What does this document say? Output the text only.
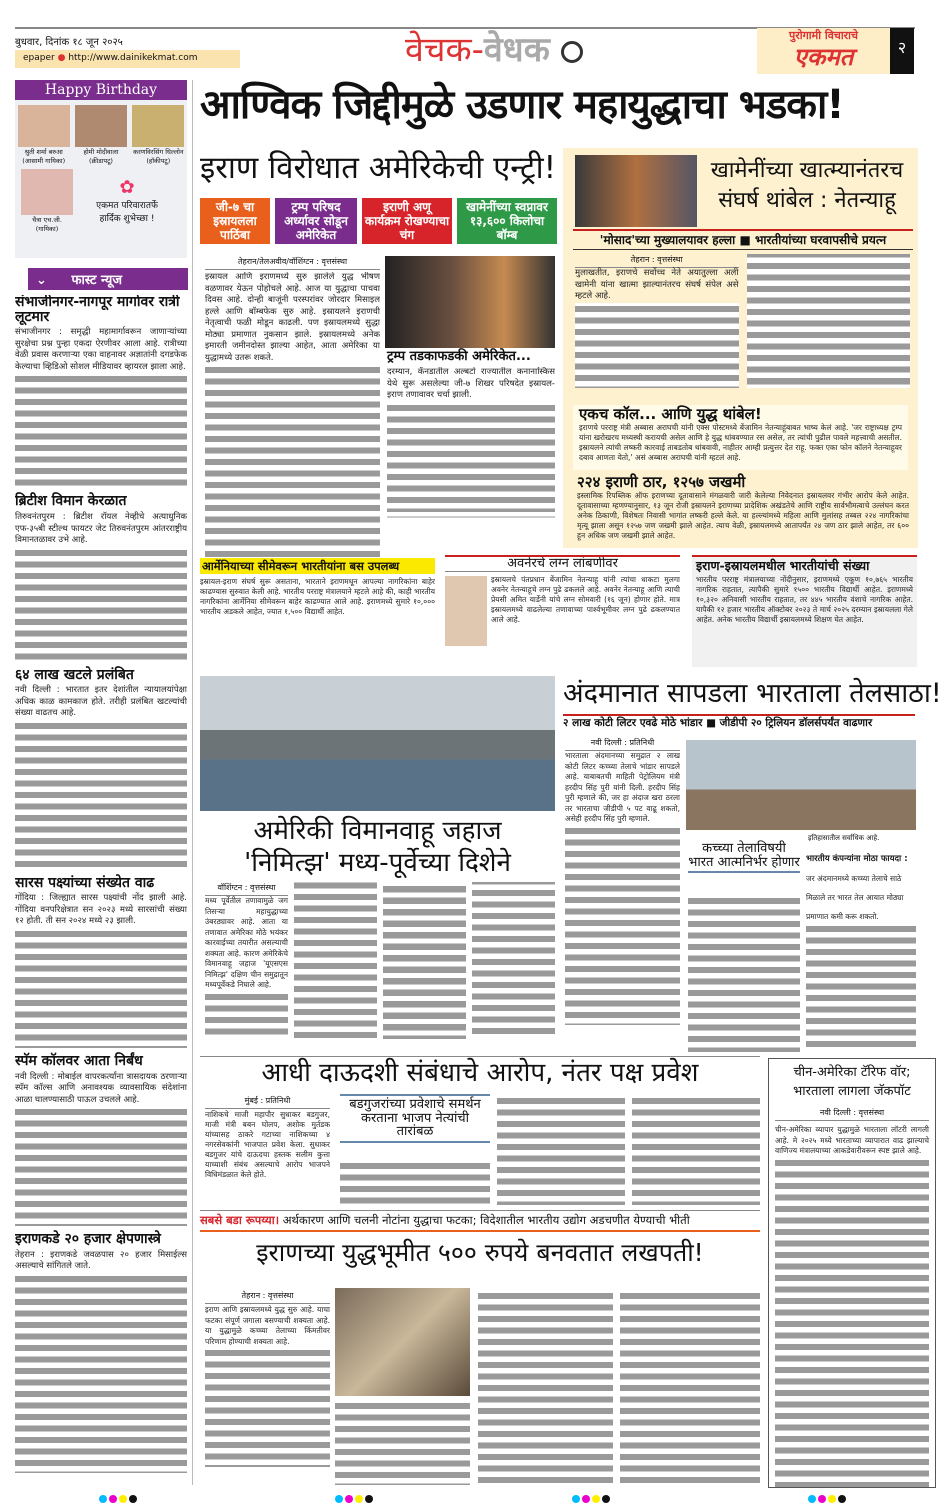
बुधवार, दिनांक १८ जून २०२५
epaper ● http://www.dainikekmat.com	वेचक-वेधक	पुरोगामी विचाराचे
एकमत	२
Happy Birthday
श्रुती शर्मा बरुआ
(आसामी गायिका)
होमी मोदीवाला
(क्रीडापटू)
करणविरसिंग धिल्लोन
(हॉकीपटू)
चैत्रा एच.जी.
(गायिका)
✿
एकमत परिवारातर्फे
हार्दिक शुभेच्छा !
⌄ फास्ट न्यूज
संभाजीनगर-नागपूर मार्गावर रात्री लूटमार
संभाजीनगर : समृद्धी महामार्गावरून जाणाऱ्यांच्या सुरक्षेचा प्रश्न पुन्हा एकदा ऐरणीवर आला आहे. रात्रीच्या वेळी प्रवास करणाऱ्या एका वाहनावर अज्ञातांनी दगडफेक केल्याचा व्हिडिओ सोशल मीडियावर व्हायरल झाला आहे.
ब्रिटीश विमान केरळात
तिरुवनंतपुरम : ब्रिटीश रॉयल नेव्हीचे अत्याधुनिक एफ-३५बी स्टील्थ फायटर जेट तिरुवनंतपुरम आंतरराष्ट्रीय विमानतळावर उभे आहे.
६४ लाख खटले प्रलंबित
नवी दिल्ली : भारतात इतर देशांतील न्यायालयांपेक्षा अधिक काळ कामकाज होते. तरीही प्रलंबित खटल्यांची संख्या वाढतच आहे.
सारस पक्ष्यांच्या संख्येत वाढ
गोंदिया : जिल्ह्यात सारस पक्ष्यांची नोंद झाली आहे. गोंदिया वनपरिक्षेत्रात सन २०२३ मध्ये सारसांची संख्या १२ होती. ती सन २०२४ मध्ये २३ झाली.
स्पॅम कॉलवर आता निर्बंध
नवी दिल्ली : मोबाईल वापरकर्त्यांना त्रासदायक ठरणाऱ्या स्पॅम कॉल्स आणि अनावश्यक व्यावसायिक संदेशांना आळा घालण्यासाठी पाऊल उचलले आहे.
इराणकडे २० हजार क्षेपणास्त्रे
तेहरान : इराणकडे जवळपास २० हजार मिसाईल्स असल्याचे सांगितले जाते.
आण्विक जिद्दीमुळे उडणार महायुद्धाचा भडका!
इराण विरोधात अमेरिकेची एन्ट्री!
जी-७ चा इस्रायलला पाठिंबा
ट्रम्प परिषद अर्ध्यावर सोडून अमेरिकेत
इराणी अणू कार्यक्रम रोखण्याचा चंग
खामेनींच्या स्वप्नावर १३,६०० किलोचा बॉम्ब
तेहरान/तेलअवीव/वॉशिंग्टन : वृत्तसंस्था
इस्रायल आणि इराणमध्ये सुरु झालेले युद्ध भीषण वळणावर येऊन पोहोचले आहे. आज या युद्धाचा पाचवा दिवस आहे. दोन्ही बाजूंनी परस्परांवर जोरदार मिसाइल हल्ले आणि बॉम्बफेक सुरु आहे. इस्रायलने इराणची नेतृत्वाची फळी मोडून काढली. पण इस्रायलमध्ये सुद्धा मोठ्या प्रमाणात नुकसान झाले. इस्रायलमध्ये अनेक इमारती जमीनदोस्त झाल्या आहेत, आता अमेरिका या युद्धामध्ये उतरू शकते.	ट्रम्प तडकाफडकी अमेरिकेत...
दरम्यान, कॅनडातील अल्बर्टा राज्यातील कनानास्किस येथे सुरू असलेल्या जी-७ शिखर परिषदेत इस्रायल-इराण तणावावर चर्चा झाली.
खामेनींच्या खात्म्यानंतरच संघर्ष थांबेल : नेतन्याहू
'मोसाद'च्या मुख्यालयावर हल्ला ■ भारतीयांच्या घरवापसीचे प्रयत्न
तेहरान : वृत्तसंस्था
मुलाखतीत, इराणचे सर्वोच्च नेते अयातुल्ला अली खामेनी यांना खात्मा झाल्यानंतरच संघर्ष संपेल असे म्हटले आहे.
एकच कॉल... आणि युद्ध थांबेल!
इराणचे परराष्ट्र मंत्री अब्बास अराघची यांनी एक्स पोस्टमध्ये बेंजामिन नेतन्याहूंबाबत भाष्य केलं आहे. 'जर राष्ट्राध्यक्ष ट्रम्प यांना खरोखरच मध्यस्थी करायची असेल आणि हे युद्ध थांबवण्यात रस असेल, तर त्यांची पुढील पावले महत्त्वाची असतील. इस्रायलने त्यांची लष्करी कारवाई ताबडतोब थांबवावी, नाहीतर आम्ही प्रत्युत्तर देत राहू. फक्त एका फोन कॉलने नेतन्याहूवर दबाव आणता येतो,' असं अब्बास अराघची यांनी म्हटलं आहे.
२२४ इराणी ठार, १२५७ जखमी
इस्लामिक रिपब्लिक ऑफ इराणच्या दूतावासाने मंगळवारी जारी केलेल्या निवेदनात इस्रायलवर गंभीर आरोप केले आहेत. दूतावासाच्या म्हणण्यानुसार, १३ जून रोजी इस्रायलने इराणच्या प्रादेशिक अखंडतेचे आणि राष्ट्रीय सार्वभौमत्वाचे उल्लंघन करत अनेक ठिकाणी, विशेषतः निवासी भागांत लष्करी हल्ले केले. या हल्ल्यांमध्ये महिला आणि मुलांसह तब्बल २२४ नागरिकांचा मृत्यू झाला असून १२५७ जण जखमी झाले आहेत. त्याच वेळी, इस्रायलमध्ये आतापर्यंत २४ जण ठार झाले आहेत, तर ६०० हून अधिक जण जखमी झाले आहेत.
आर्मेनियाच्या सीमेवरून भारतीयांना बस उपलब्ध
इस्रायल-इराण संघर्ष सुरू असताना, भारताने इराणमधून आपल्या नागरिकांना बाहेर काढण्यास सुरुवात केली आहे. भारतीय परराष्ट्र मंत्रालयाने म्हटले आहे की, काही भारतीय नागरिकांना आर्मेनिया सीमेवरून बाहेर काढण्यात आले आहे. इराणमध्ये सुमारे १०,००० भारतीय अडकले आहेत, ज्यात १,५०० विद्यार्थी आहेत.
अवनेरचे लग्न लांबणीवर
इस्रायलचे पंतप्रधान बेंजामिन नेतन्याहू यांनी त्यांचा धाकटा मुलगा अवनेर नेतन्याहूचे लग्न पुढे ढकलले आहे. अवनेर नेतन्याहू आणि त्याची प्रेयसी अमित यार्डेनी यांचे लग्न सोमवारी (१६ जून) होणार होते. मात्र इस्रायलमध्ये वाढलेल्या तणावाच्या पार्श्वभूमीवर लग्न पुढे ढकलण्यात आले आहे.
इराण-इस्रायलमधील भारतीयांची संख्या
भारतीय परराष्ट्र मंत्रालयाच्या नोंदीनुसार, इराणमध्ये एकूण १०,७६५ भारतीय नागरिक राहतात, त्यापैकी सुमारे १५०० भारतीय विद्यार्थी आहेत. इराणमध्ये १०,३२० अनिवासी भारतीय राहतात, तर ४४५ भारतीय वंशाचे नागरिक आहेत. यापैकी १२ हजार भारतीय ऑक्टोबर २०२३ ते मार्च २०२५ दरम्यान इस्रायलला गेले आहेत. अनेक भारतीय विद्यार्थी इस्रायलमध्ये शिक्षण घेत आहेत.
अमेरिकी विमानवाहू जहाज
'निमित्झ' मध्य-पूर्वेच्या दिशेने
वॉशिंग्टन : वृत्तसंस्था
मध्य पूर्वेतील तणावामुळे जग तिसऱ्या महायुद्धाच्या उंबरठ्यावर आहे. आता या तणावात अमेरिका मोठे भयंकर कारवाईच्या तयारीत असल्याची शक्यता आहे. कारण अमेरिकेचे विमानवाहू जहाज 'यूएसएस निमित्झ' दक्षिण चीन समुद्रातून मध्यपूर्वेकडे निघाले आहे.
अंदमानात सापडला भारताला तेलसाठा!
२ लाख कोटी लिटर एवढे मोठे भांडार ■ जीडीपी २० ट्रिलियन डॉलर्सपर्यंत वाढणार
नवी दिल्ली : प्रतिनिधी
भारताला अंदमानच्या समुद्रात २ लाख कोटी लिटर कच्च्या तेलाचे भांडार सापडले आहे. याबाबतची माहिती पेट्रोलियम मंत्री हरदीप सिंह पुरी यांनी दिली. हरदीप सिंह पुरी म्हणाले की, जर हा अंदाज खरा ठरला तर भारताचा जीडीपी ५ पट वाढू शकतो, असेही हरदीप सिंह पुरी म्हणाले.
इतिहासातील सर्वाधिक आहे.
कच्च्या तेलाविषयी भारत आत्मनिर्भर होणार भारतीय कंपन्यांना मोठा फायदा : जर अंदमानमध्ये कच्च्या तेलाचे साठे मिळाले तर भारत तेल आयात मोठ्या प्रमाणात कमी करू शकतो.
आधी दाऊदशी संबंधाचे आरोप, नंतर पक्ष प्रवेश
मुंबई : प्रतिनिधी
नाशिकचे माजी महापौर सुधाकर बडगुजर, माजी मंत्री बबन घोलप, अशोक मुर्तडक यांच्यासह ठाकरे गटाच्या नाशिकच्या ४ नगरसेवकांनी भाजपात प्रवेश केला. सुधाकर बडगुजर यांचे दाऊदचा हस्तक सलीम कुत्ता याच्याशी संबंध असल्याचे आरोप भाजपने विधिमंडळात केले होते.
बडगुजरांच्या प्रवेशाचे समर्थन करताना भाजप नेत्यांची तारांबळ
सबसे बडा रूपय्या। अर्थकारण आणि चलनी नोटांना युद्धाचा फटका; विदेशातील भारतीय उद्योग अडचणीत येण्याची भीती
इराणच्या युद्धभूमीत ५०० रुपये बनवतात लखपती!
तेहरान : वृत्तसंस्था
इराण आणि इस्रायलमध्ये युद्ध सुरु आहे. याचा फटका संपूर्ण जगाला बसण्याची शक्यता आहे. या युद्धामुळे कच्च्या तेलाच्या किंमतीवर परिणाम होण्याची शक्यता आहे.
चीन-अमेरिका टॅरिफ वॉर; भारताला लागला जॅकपॉट
नवी दिल्ली : वृत्तसंस्था
चीन-अमेरिका व्यापार युद्धामुळे भारताला लॉटरी लागली आहे. मे २०२५ मध्ये भारताच्या व्यापारात वाढ झाल्याचे वाणिज्य मंत्रालयाच्या आकडेवारीवरून स्पष्ट झाले आहे.
